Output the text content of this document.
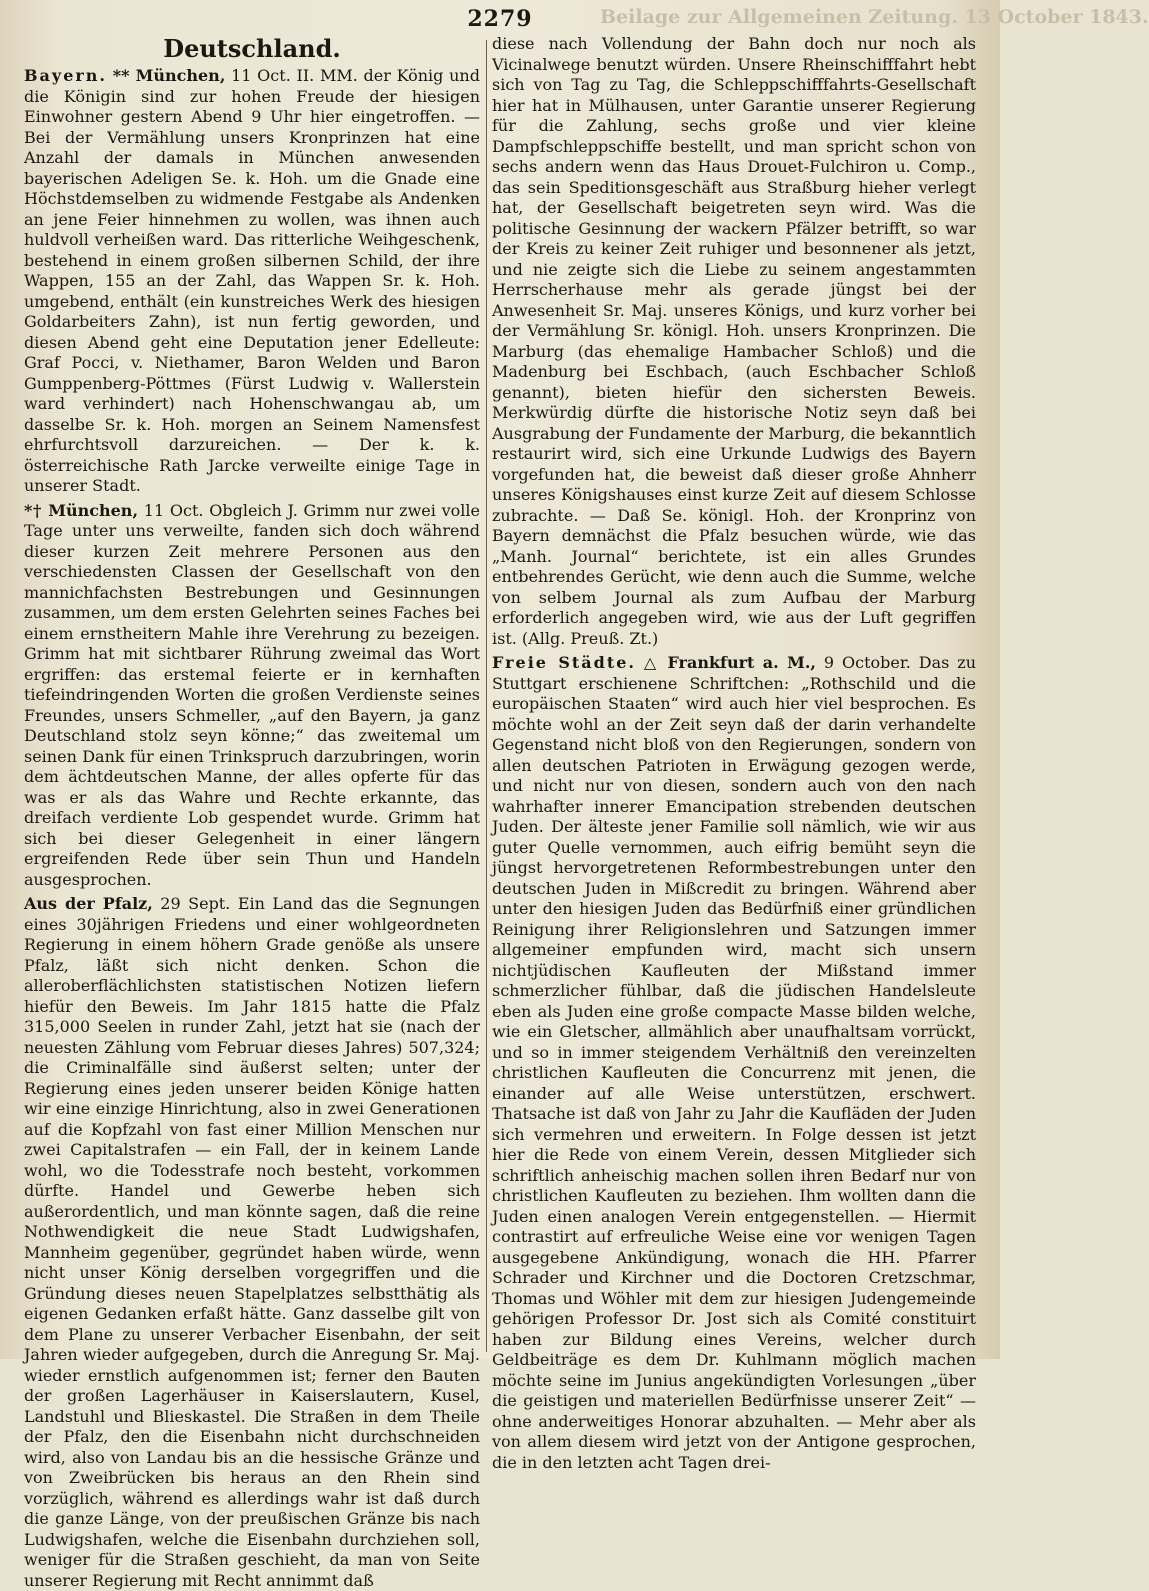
2279	Beilage zur Allgemeinen Zeitung. 13 October 1843.
Deutschland.

Bayern. ** München, 11 Oct. II. MM. der König und die Königin sind zur hohen Freude der hiesigen Einwohner gestern Abend 9 Uhr hier eingetroffen. — Bei der Vermählung unsers Kronprinzen hat eine Anzahl der damals in München anwesenden bayerischen Adeligen Se. k. Hoh. um die Gnade eine Höchstdemselben zu widmende Festgabe als Andenken an jene Feier hinnehmen zu wollen, was ihnen auch huldvoll verheißen ward. Das ritterliche Weihgeschenk, bestehend in einem großen silbernen Schild, der ihre Wappen, 155 an der Zahl, das Wappen Sr. k. Hoh. umgebend, enthält (ein kunstreiches Werk des hiesigen Goldarbeiters Zahn), ist nun fertig geworden, und diesen Abend geht eine Deputation jener Edelleute: Graf Pocci, v. Niethamer, Baron Welden und Baron Gumppenberg-Pöttmes (Fürst Ludwig v. Wallerstein ward verhindert) nach Hohenschwangau ab, um dasselbe Sr. k. Hoh. morgen an Seinem Namensfest ehrfurchtsvoll darzureichen. — Der k. k. österreichische Rath Jarcke verweilte einige Tage in unserer Stadt.

*† München, 11 Oct. Obgleich J. Grimm nur zwei volle Tage unter uns verweilte, fanden sich doch während dieser kurzen Zeit mehrere Personen aus den verschiedensten Classen der Gesellschaft von den mannichfachsten Bestrebungen und Gesinnungen zusammen, um dem ersten Gelehrten seines Faches bei einem ernstheitern Mahle ihre Verehrung zu bezeigen. Grimm hat mit sichtbarer Rührung zweimal das Wort ergriffen: das erstemal feierte er in kernhaften tiefeindringenden Worten die großen Verdienste seines Freundes, unsers Schmeller, „auf den Bayern, ja ganz Deutschland stolz seyn könne;“ das zweitemal um seinen Dank für einen Trinkspruch darzubringen, worin dem ächtdeutschen Manne, der alles opferte für das was er als das Wahre und Rechte erkannte, das dreifach verdiente Lob gespendet wurde. Grimm hat sich bei dieser Gelegenheit in einer längern ergreifenden Rede über sein Thun und Handeln ausgesprochen.

Aus der Pfalz, 29 Sept. Ein Land das die Segnungen eines 30jährigen Friedens und einer wohlgeordneten Regierung in einem höhern Grade genöße als unsere Pfalz, läßt sich nicht denken. Schon die alleroberflächlichsten statistischen Notizen liefern hiefür den Beweis. Im Jahr 1815 hatte die Pfalz 315,000 Seelen in runder Zahl, jetzt hat sie (nach der neuesten Zählung vom Februar dieses Jahres) 507,324; die Criminalfälle sind äußerst selten; unter der Regierung eines jeden unserer beiden Könige hatten wir eine einzige Hinrichtung, also in zwei Generationen auf die Kopfzahl von fast einer Million Menschen nur zwei Capitalstrafen — ein Fall, der in keinem Lande wohl, wo die Todesstrafe noch besteht, vorkommen dürfte. Handel und Gewerbe heben sich außerordentlich, und man könnte sagen, daß die reine Nothwendigkeit die neue Stadt Ludwigshafen, Mannheim gegenüber, gegründet haben würde, wenn nicht unser König derselben vorgegriffen und die Gründung dieses neuen Stapelplatzes selbstthätig als eigenen Gedanken erfaßt hätte. Ganz dasselbe gilt von dem Plane zu unserer Verbacher Eisenbahn, der seit Jahren wieder aufgegeben, durch die Anregung Sr. Maj. wieder ernstlich aufgenommen ist; ferner den Bauten der großen Lagerhäuser in Kaiserslautern, Kusel, Landstuhl und Blieskastel. Die Straßen in dem Theile der Pfalz, den die Eisenbahn nicht durchschneiden wird, also von Landau bis an die hessische Gränze und von Zweibrücken bis heraus an den Rhein sind vorzüglich, während es allerdings wahr ist daß durch die ganze Länge, von der preußischen Gränze bis nach Ludwigshafen, welche die Eisenbahn durchziehen soll, weniger für die Straßen geschieht, da man von Seite unserer Regierung mit Recht annimmt daß

diese nach Vollendung der Bahn doch nur noch als Vicinalwege benutzt würden. Unsere Rheinschifffahrt hebt sich von Tag zu Tag, die Schleppschifffahrts-Gesellschaft hier hat in Mülhausen, unter Garantie unserer Regierung für die Zahlung, sechs große und vier kleine Dampfschleppschiffe bestellt, und man spricht schon von sechs andern wenn das Haus Drouet-Fulchiron u. Comp., das sein Speditionsgeschäft aus Straßburg hieher verlegt hat, der Gesellschaft beigetreten seyn wird. Was die politische Gesinnung der wackern Pfälzer betrifft, so war der Kreis zu keiner Zeit ruhiger und besonnener als jetzt, und nie zeigte sich die Liebe zu seinem angestammten Herrscherhause mehr als gerade jüngst bei der Anwesenheit Sr. Maj. unseres Königs, und kurz vorher bei der Vermählung Sr. königl. Hoh. unsers Kronprinzen. Die Marburg (das ehemalige Hambacher Schloß) und die Madenburg bei Eschbach, (auch Eschbacher Schloß genannt), bieten hiefür den sichersten Beweis. Merkwürdig dürfte die historische Notiz seyn daß bei Ausgrabung der Fundamente der Marburg, die bekanntlich restaurirt wird, sich eine Urkunde Ludwigs des Bayern vorgefunden hat, die beweist daß dieser große Ahnherr unseres Königshauses einst kurze Zeit auf diesem Schlosse zubrachte. — Daß Se. königl. Hoh. der Kronprinz von Bayern demnächst die Pfalz besuchen würde, wie das „Manh. Journal“ berichtete, ist ein alles Grundes entbehrendes Gerücht, wie denn auch die Summe, welche von selbem Journal als zum Aufbau der Marburg erforderlich angegeben wird, wie aus der Luft gegriffen ist. (Allg. Preuß. Zt.)

Freie Städte. △ Frankfurt a. M., 9 October. Das zu Stuttgart erschienene Schriftchen: „Rothschild und die europäischen Staaten“ wird auch hier viel besprochen. Es möchte wohl an der Zeit seyn daß der darin verhandelte Gegenstand nicht bloß von den Regierungen, sondern von allen deutschen Patrioten in Erwägung gezogen werde, und nicht nur von diesen, sondern auch von den nach wahrhafter innerer Emancipation strebenden deutschen Juden. Der älteste jener Familie soll nämlich, wie wir aus guter Quelle vernommen, auch eifrig bemüht seyn die jüngst hervorgetretenen Reformbestrebungen unter den deutschen Juden in Mißcredit zu bringen. Während aber unter den hiesigen Juden das Bedürfniß einer gründlichen Reinigung ihrer Religionslehren und Satzungen immer allgemeiner empfunden wird, macht sich unsern nichtjüdischen Kaufleuten der Mißstand immer schmerzlicher fühlbar, daß die jüdischen Handelsleute eben als Juden eine große compacte Masse bilden welche, wie ein Gletscher, allmählich aber unaufhaltsam vorrückt, und so in immer steigendem Verhältniß den vereinzelten christlichen Kaufleuten die Concurrenz mit jenen, die einander auf alle Weise unterstützen, erschwert. Thatsache ist daß von Jahr zu Jahr die Kaufläden der Juden sich vermehren und erweitern. In Folge dessen ist jetzt hier die Rede von einem Verein, dessen Mitglieder sich schriftlich anheischig machen sollen ihren Bedarf nur von christlichen Kaufleuten zu beziehen. Ihm wollten dann die Juden einen analogen Verein entgegenstellen. — Hiermit contrastirt auf erfreuliche Weise eine vor wenigen Tagen ausgegebene Ankündigung, wonach die HH. Pfarrer Schrader und Kirchner und die Doctoren Cretzschmar, Thomas und Wöhler mit dem zur hiesigen Judengemeinde gehörigen Professor Dr. Jost sich als Comité constituirt haben zur Bildung eines Vereins, welcher durch Geldbeiträge es dem Dr. Kuhlmann möglich machen möchte seine im Junius angekündigten Vorlesungen „über die geistigen und materiellen Bedürfnisse unserer Zeit“ — ohne anderweitiges Honorar abzuhalten. — Mehr aber als von allem diesem wird jetzt von der Antigone gesprochen, die in den letzten acht Tagen drei-
